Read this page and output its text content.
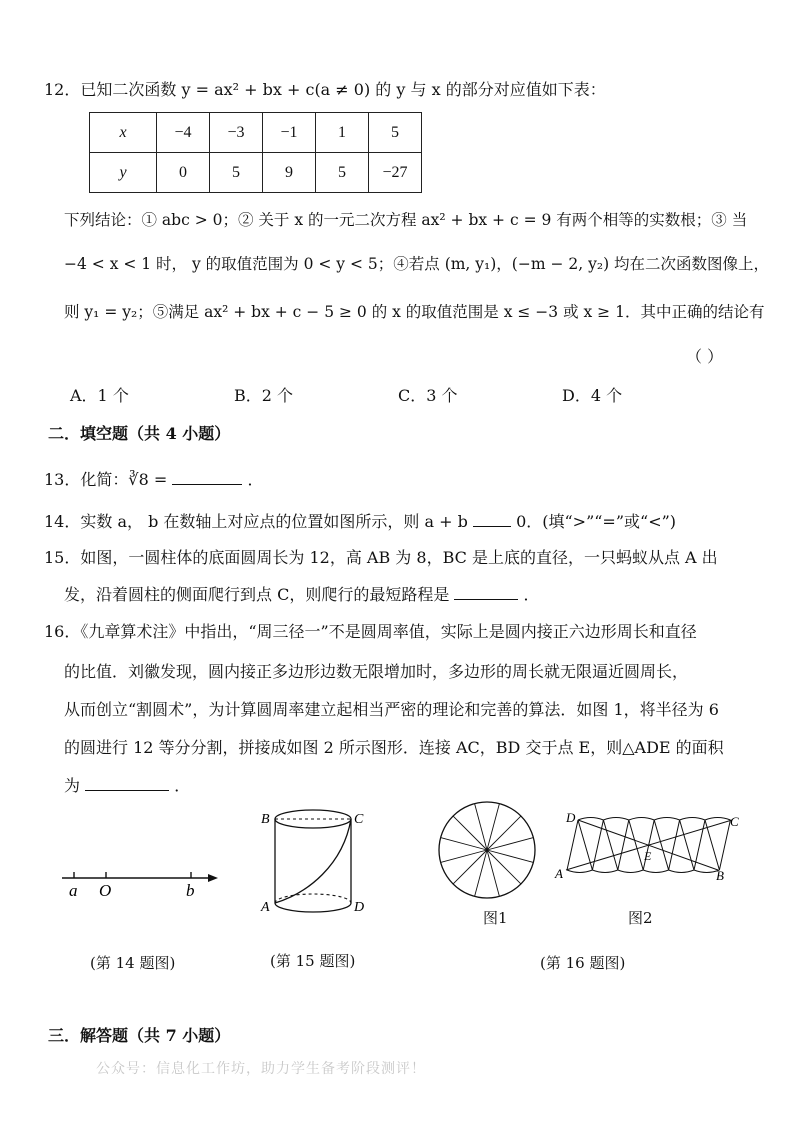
12．已知二次函数 y = ax² + bx + c(a ≠ 0) 的 y 与 x 的部分对应值如下表：
x	−4	−3	−1	1	5
y	0	5	9	5	−27
下列结论：① abc > 0；② 关于 x 的一元二次方程 ax² + bx + c = 9 有两个相等的实数根；③ 当
−4 < x < 1 时， y 的取值范围为 0 < y < 5；④若点 (m, y₁)，(−m − 2, y₂) 均在二次函数图像上，
则 y₁ = y₂；⑤满足 ax² + bx + c − 5 ≥ 0 的 x 的取值范围是 x ≤ −3 或 x ≥ 1．其中正确的结论有
（ ）
A．1 个	B．2 个	C．3 个	D．4 个
二．填空题（共 4 小题）
13．化简：∛8 =	．
14．实数 a， b 在数轴上对应点的位置如图所示，则 a + b	0．(填“>”“=”或“<”)
15．如图，一圆柱体的底面圆周长为 12，高 AB 为 8，BC 是上底的直径，一只蚂蚁从点 A 出
发，沿着圆柱的侧面爬行到点 C，则爬行的最短路程是	．
16．《九章算术注》中指出，“周三径一”不是圆周率值，实际上是圆内接正六边形周长和直径
的比值．刘徽发现，圆内接正多边形边数无限增加时，多边形的周长就无限逼近圆周长，
从而创立“割圆术”，为计算圆周率建立起相当严密的理论和完善的算法．如图 1，将半径为 6
的圆进行 12 等分分割，拼接成如图 2 所示图形．连接 AC，BD 交于点 E，则△ADE 的面积
为	．
a O	b
(第 14 题图)
B	C
A	D
(第 15 题图)
图1
D	C
E
A	B
图2
(第 16 题图)
三．解答题（共 7 小题）
公众号：信息化工作坊，助力学生备考阶段测评！
